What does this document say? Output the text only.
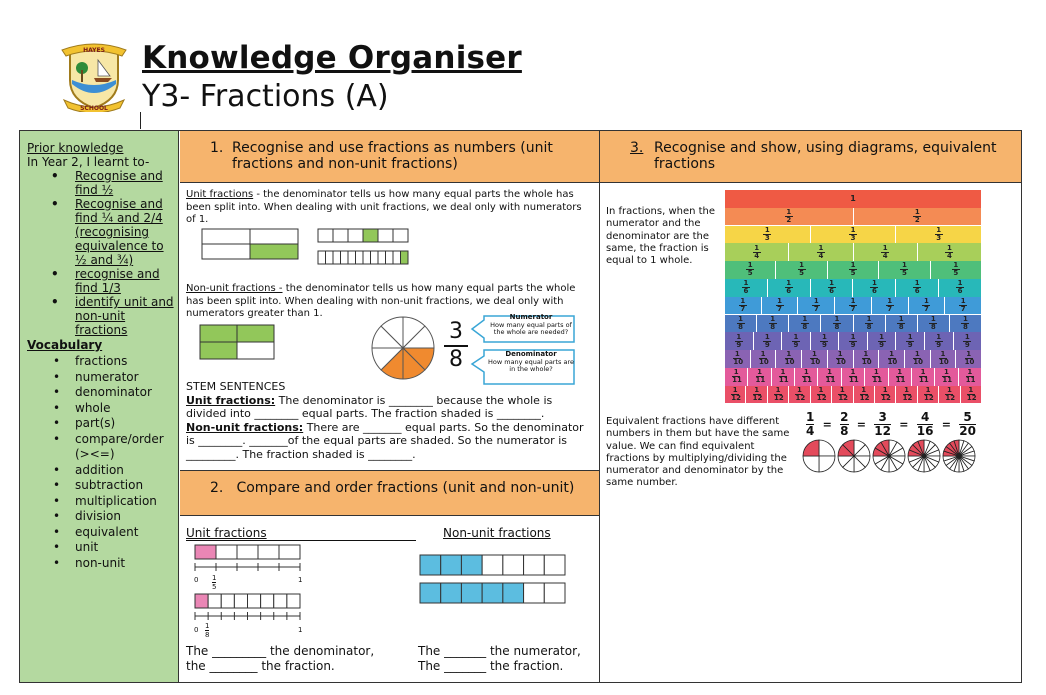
HAYES
SCHOOL
Knowledge Organiser
Y3- Fractions (A)
Prior knowledge
In Year 2, I learnt to-
• Recognise and find ½
• Recognise and find ¼ and 2/4 (recognising equivalence to ½ and ¾)
• recognise and find 1/3
• identify unit and non-unit fractions
Vocabulary
• fractions
• numerator
• denominator
• whole
• part(s)
• compare/order (><=)
• addition
• subtraction
• multiplication
• division
• equivalent
• unit
• non-unit
1. Recognise and use fractions as numbers (unit fractions and non-unit fractions)
Unit fractions - the denominator tells us how many equal parts the whole has been split into. When dealing with unit fractions, we deal only with numerators of 1.
Non-unit fractions - the denominator tells us how many equal parts the whole has been split into. When dealing with non-unit fractions, we deal only with numerators greater than 1.
$\frac{3}{8}$
Numerator
How many equal parts of the whole are needed?
Denominator
How many equal parts are in the whole?
STEM SENTENCES
Unit fractions: The denominator is ________ because the whole is divided into ________ equal parts. The fraction shaded is ________.
Non-unit fractions: There are _______ equal parts. So the denominator is ________. _______of the equal parts are shaded. So the numerator is _________. The fraction shaded is ________.
2. Compare and order fractions (unit and non-unit)
Unit fractions	Non-unit fractions
0 1
5
1
0 1
8
1
The _________ the denominator, the ________ the fraction.
The _______ the numerator, The _______ the fraction.
3. Recognise and show, using diagrams, equivalent fractions
In fractions, when the numerator and the denominator are the same, the fraction is equal to 1 whole.
1
1
2
1
2
1
3
1
3
1
3
1
4
1
4
1
4
1
4
1
5
1
5
1
5
1
5
1
5
1
6
1
6
1
6
1
6
1
6
1
6
1
7
1
7
1
7
1
7
1
7
1
7
1
7
1
8
1
8
1
8
1
8
1
8
1
8
1
8
1
8
1
9
1
9
1
9
1
9
1
9
1
9
1
9
1
9
1
9
1
10
1
10
1
10
1
10
1
10
1
10
1
10
1
10
1
10
1
10
1
11
1
11
1
11
1
11
1
11
1
11
1
11
1
11
1
11
1
11
1
11
1
12
1
12
1
12
1
12
1
12
1
12
1
12
1
12
1
12
1
12
1
12
1
12
Equivalent fractions have different numbers in them but have the same value. We can find equivalent fractions by multiplying/dividing the numerator and denominator by the same number.
$\frac{1}{4} = \frac{2}{8} = \frac{3}{12} = \frac{4}{16} = \frac{5}{20}$
